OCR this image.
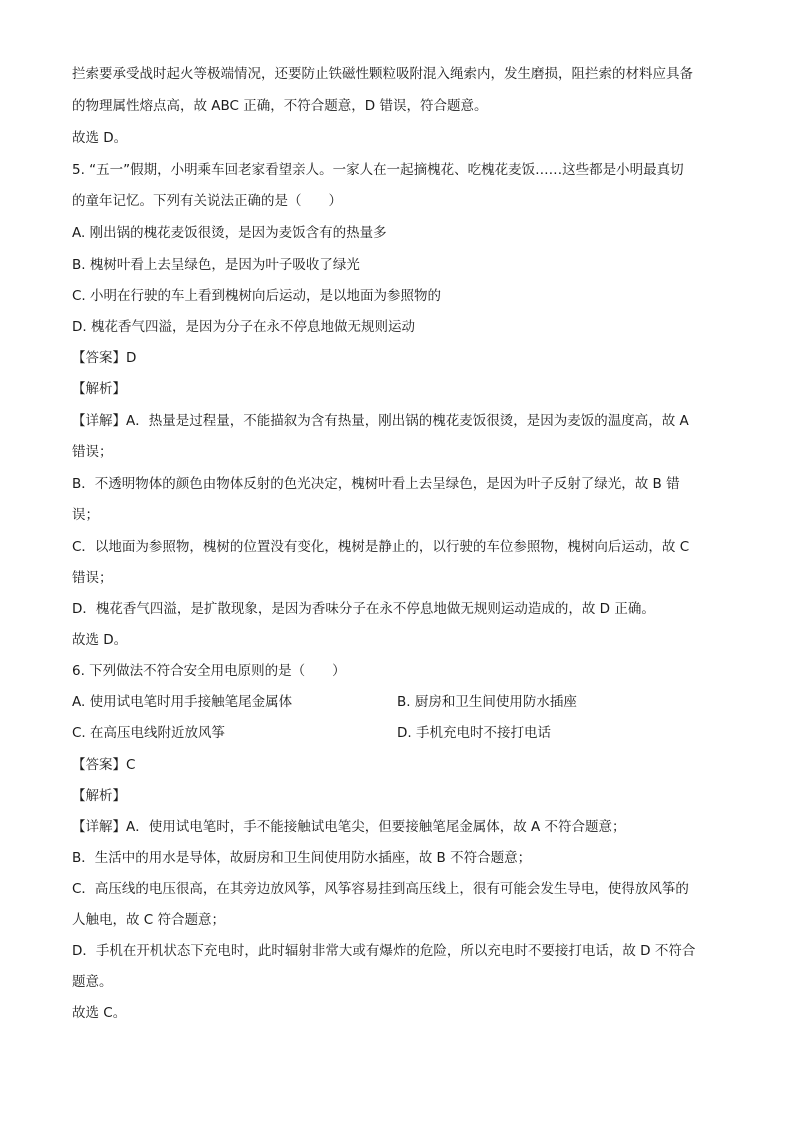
拦索要承受战时起火等极端情况，还要防止铁磁性颗粒吸附混入绳索内，发生磨损，阻拦索的材料应具备
的物理属性熔点高，故 ABC 正确，不符合题意，D 错误，符合题意。
故选 D。
5. “五一”假期，小明乘车回老家看望亲人。一家人在一起摘槐花、吃槐花麦饭……这些都是小明最真切
的童年记忆。下列有关说法正确的是（　　）
A. 刚出锅的槐花麦饭很烫，是因为麦饭含有的热量多
B. 槐树叶看上去呈绿色，是因为叶子吸收了绿光
C. 小明在行驶的车上看到槐树向后运动，是以地面为参照物的
D. 槐花香气四溢，是因为分子在永不停息地做无规则运动
【答案】D
【解析】
【详解】A．热量是过程量，不能描叙为含有热量，刚出锅的槐花麦饭很烫，是因为麦饭的温度高，故 A
错误；
B．不透明物体的颜色由物体反射的色光决定，槐树叶看上去呈绿色，是因为叶子反射了绿光，故 B 错
误；
C．以地面为参照物，槐树的位置没有变化，槐树是静止的，以行驶的车位参照物，槐树向后运动，故 C
错误；
D．槐花香气四溢，是扩散现象，是因为香味分子在永不停息地做无规则运动造成的，故 D 正确。
故选 D。
6. 下列做法不符合安全用电原则的是（　　）
A. 使用试电笔时用手接触笔尾金属体	B. 厨房和卫生间使用防水插座
C. 在高压电线附近放风筝	D. 手机充电时不接打电话
【答案】C
【解析】
【详解】A．使用试电笔时，手不能接触试电笔尖，但要接触笔尾金属体，故 A 不符合题意；
B．生活中的用水是导体，故厨房和卫生间使用防水插座，故 B 不符合题意；
C．高压线的电压很高，在其旁边放风筝，风筝容易挂到高压线上，很有可能会发生导电，使得放风筝的
人触电，故 C 符合题意；
D．手机在开机状态下充电时，此时辐射非常大或有爆炸的危险，所以充电时不要接打电话，故 D 不符合
题意。
故选 C。
